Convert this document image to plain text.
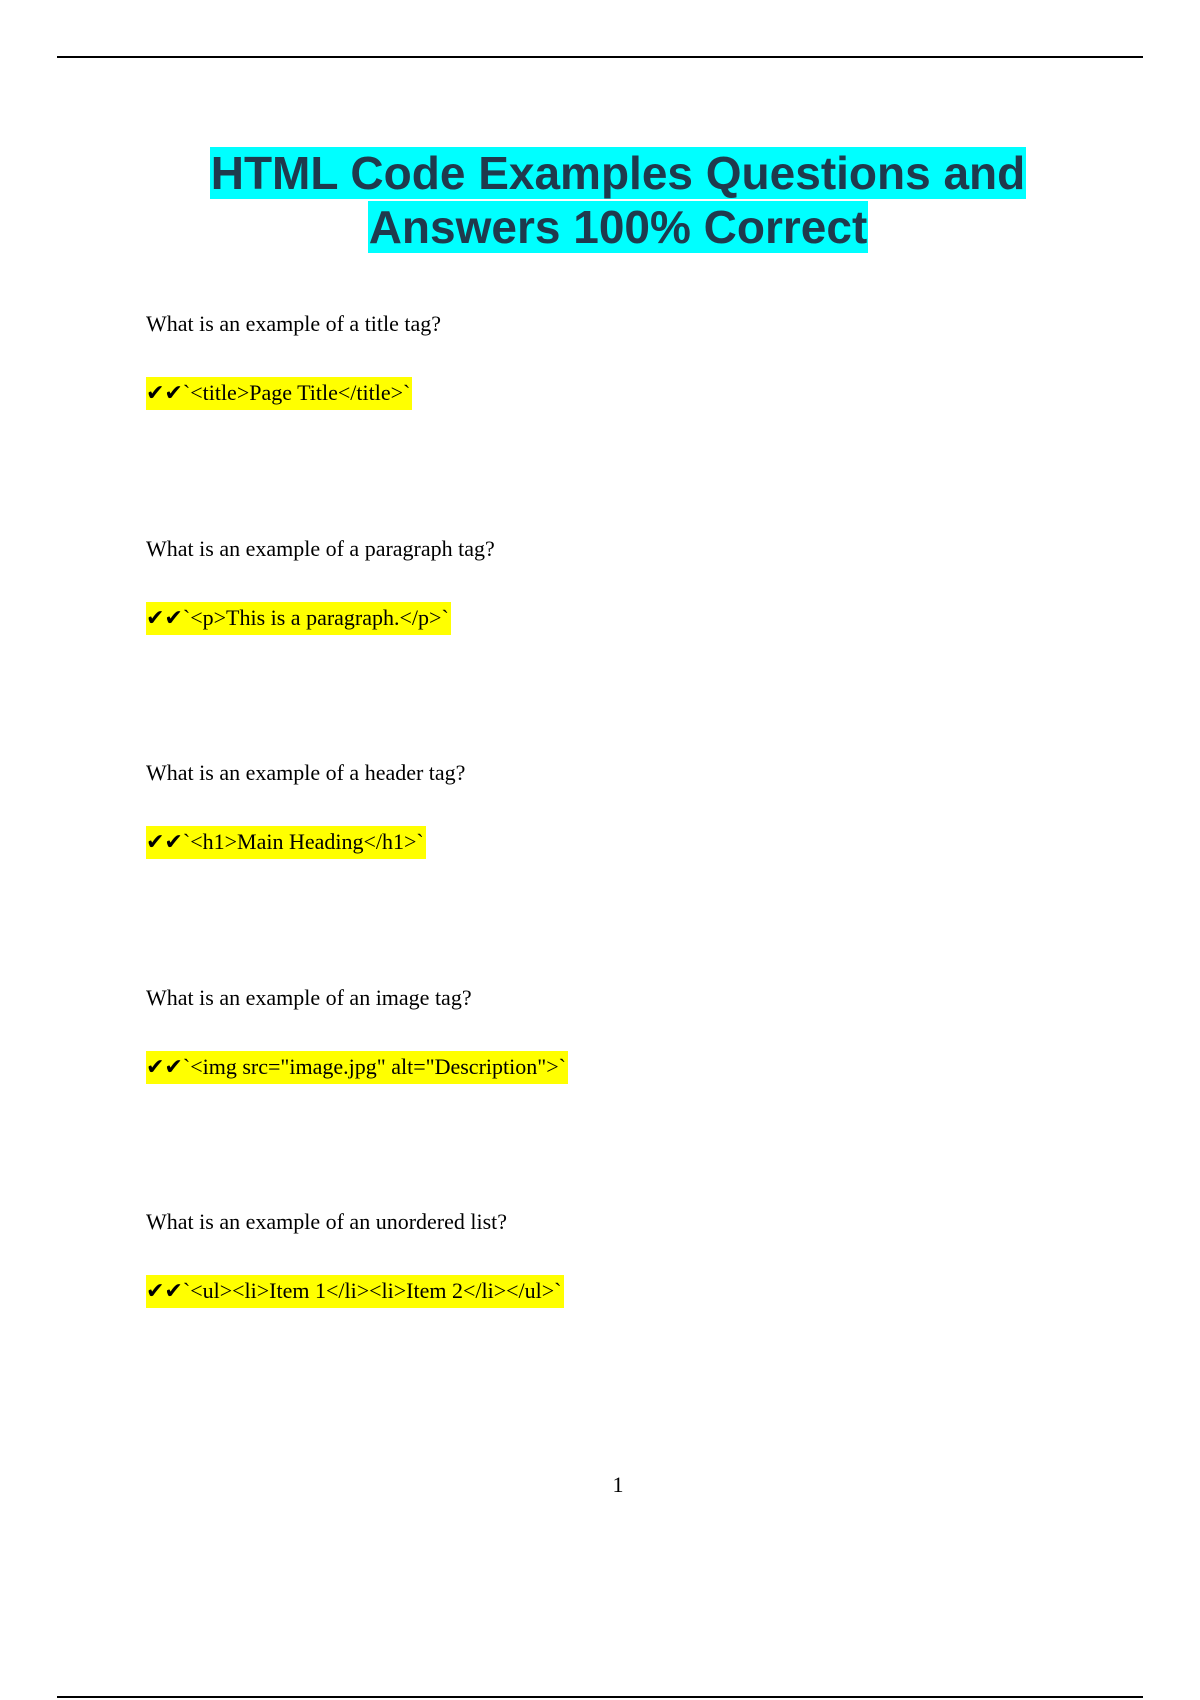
HTML Code Examples Questions and
Answers 100% Correct

What is an example of a title tag?

✔✔`<title>Page Title</title>`

What is an example of a paragraph tag?

✔✔`<p>This is a paragraph.</p>`

What is an example of a header tag?

✔✔`<h1>Main Heading</h1>`

What is an example of an image tag?

✔✔`<img src="image.jpg" alt="Description">`

What is an example of an unordered list?

✔✔`<ul><li>Item 1</li><li>Item 2</li></ul>`

1
